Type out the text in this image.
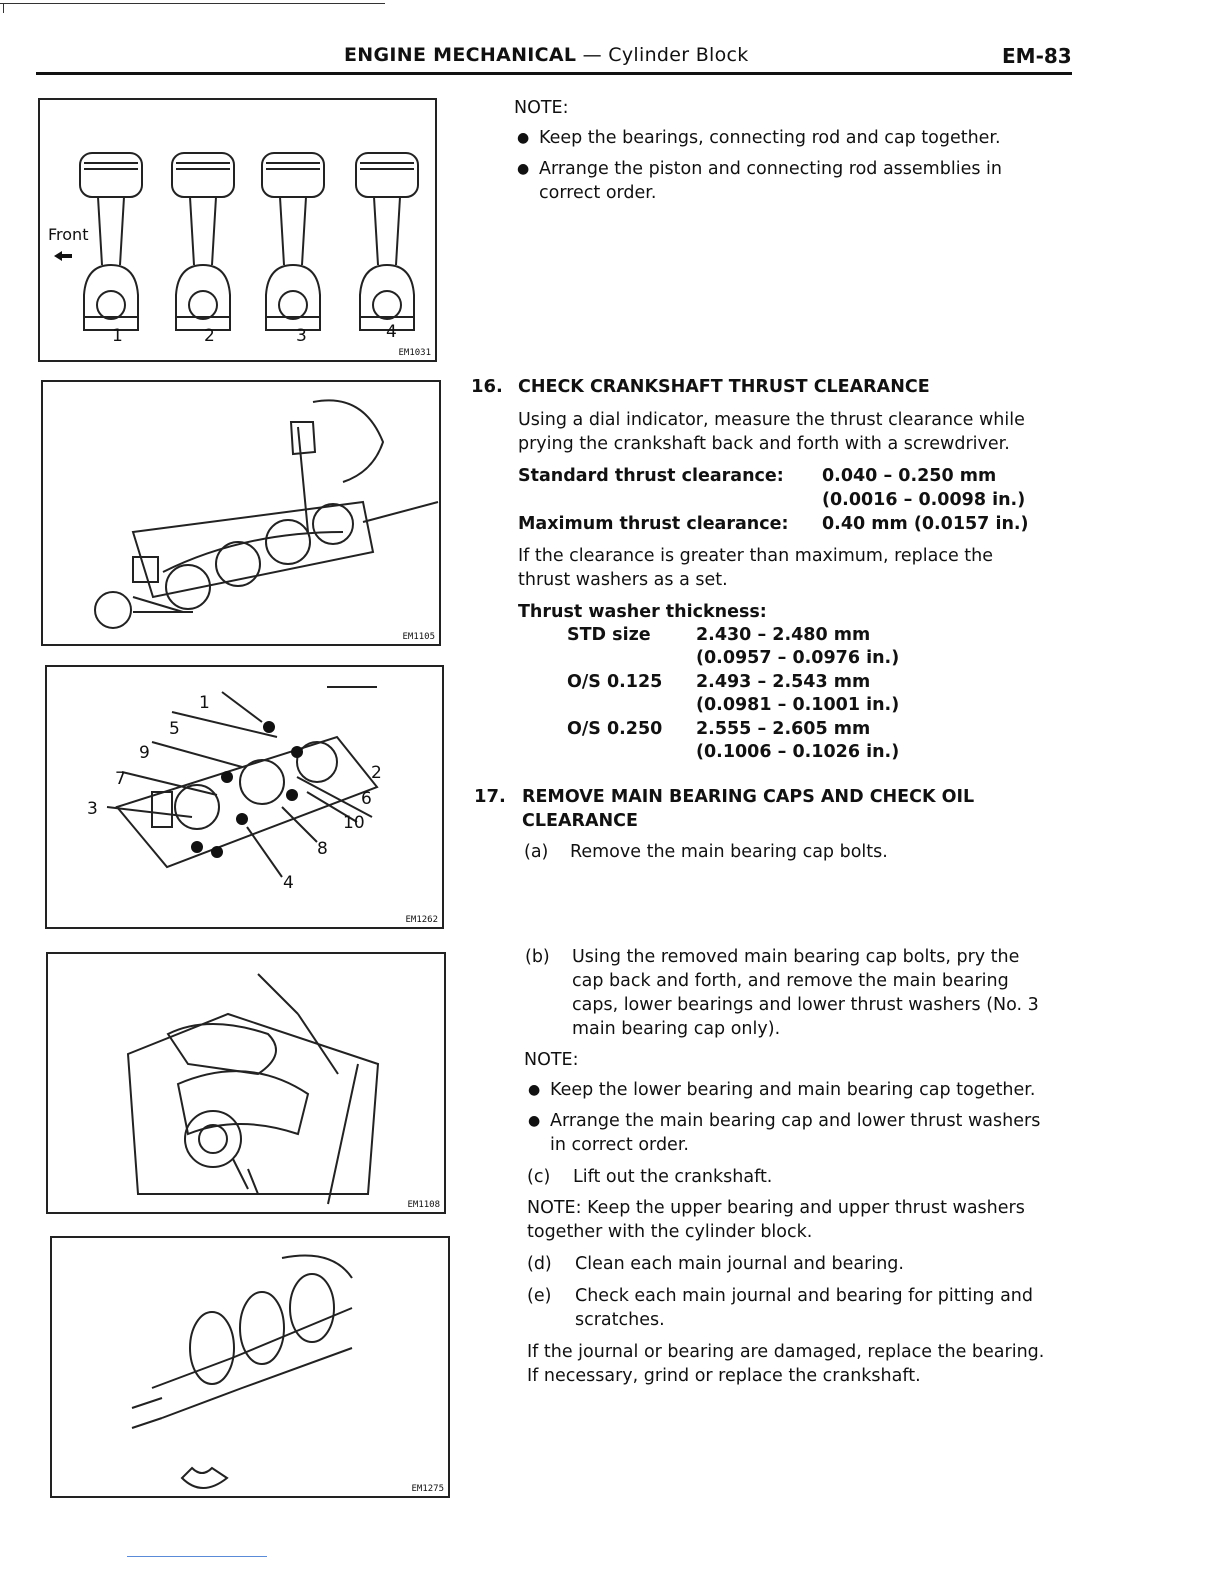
ENGINE MECHANICAL — Cylinder Block	EM-83
Front
1	2	3	4
EM1031
EM1105
1
5
9
7
3
2
6
10
8
4
EM1262
EM1108
EM1275
NOTE:
● Keep the bearings, connecting rod and cap together.
● Arrange the piston and connecting rod assemblies in
correct order.
16. CHECK CRANKSHAFT THRUST CLEARANCE
Using a dial indicator, measure the thrust clearance while
prying the crankshaft back and forth with a screwdriver.
Standard thrust clearance: 0.040 – 0.250 mm
(0.0016 – 0.0098 in.)
Maximum thrust clearance: 0.40 mm (0.0157 in.)
If the clearance is greater than maximum, replace the
thrust washers as a set.
Thrust washer thickness:
STD size	2.430 – 2.480 mm
(0.0957 – 0.0976 in.)
O/S 0.125 2.493 – 2.543 mm
(0.0981 – 0.1001 in.)
O/S 0.250 2.555 – 2.605 mm
(0.1006 – 0.1026 in.)
17. REMOVE MAIN BEARING CAPS AND CHECK OIL
CLEARANCE
(a) Remove the main bearing cap bolts.
(b) Using the removed main bearing cap bolts, pry the
cap back and forth, and remove the main bearing
caps, lower bearings and lower thrust washers (No. 3
main bearing cap only).
NOTE:
● Keep the lower bearing and main bearing cap together.
● Arrange the main bearing cap and lower thrust washers
in correct order.
(c) Lift out the crankshaft.
NOTE: Keep the upper bearing and upper thrust washers
together with the cylinder block.
(d) Clean each main journal and bearing.
(e) Check each main journal and bearing for pitting and
scratches.
If the journal or bearing are damaged, replace the bearing.
If necessary, grind or replace the crankshaft.
